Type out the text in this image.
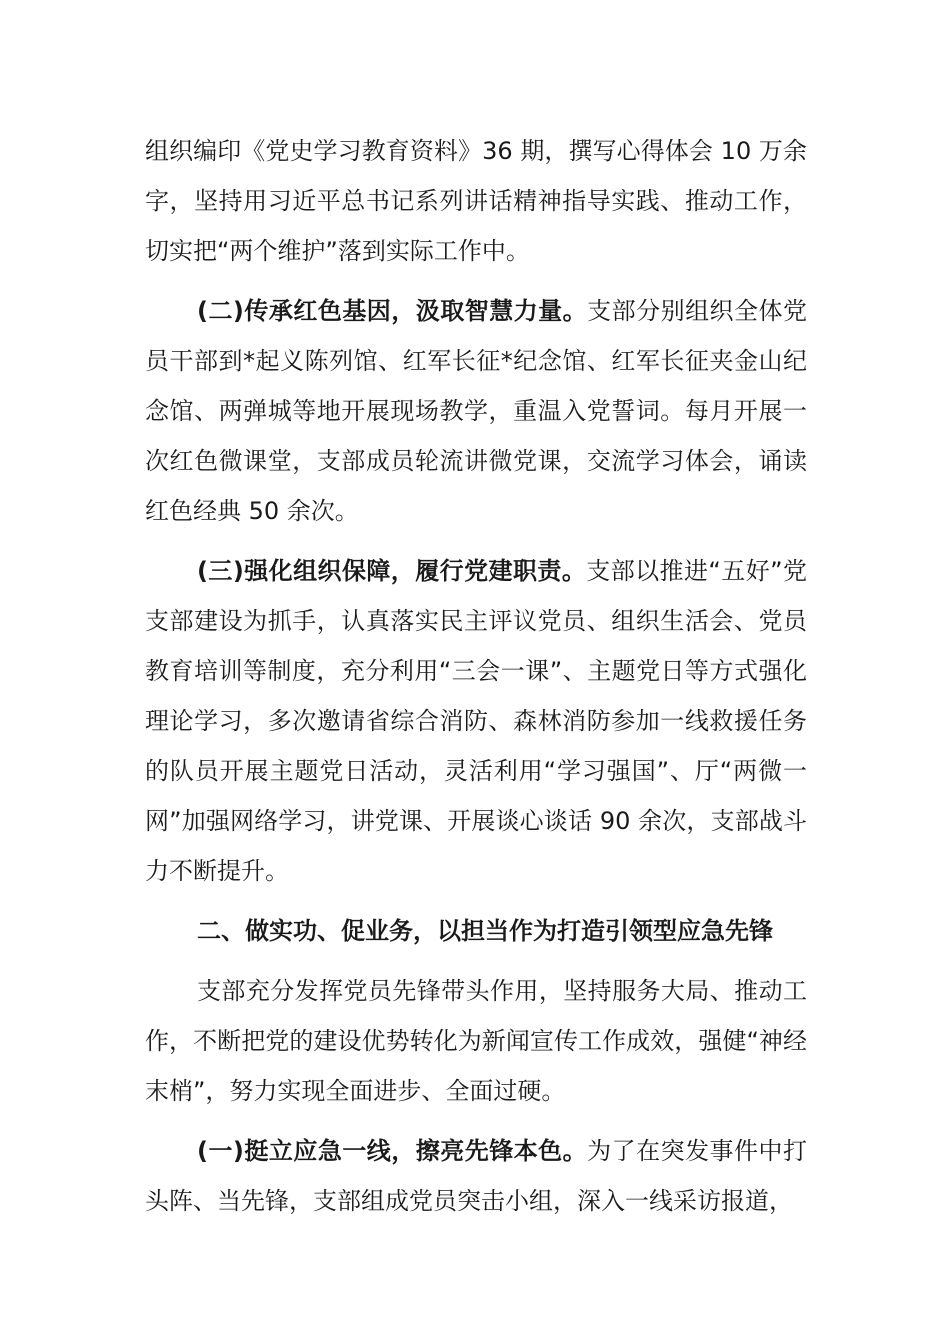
组织编印《党史学习教育资料》36 期，撰写心得体会 10 万余字，坚持用习近平总书记系列讲话精神指导实践、推动工作，切实把“两个维护”落到实际工作中。

(二)传承红色基因，汲取智慧力量。支部分别组织全体党员干部到*起义陈列馆、红军长征*纪念馆、红军长征夹金山纪念馆、两弹城等地开展现场教学，重温入党誓词。每月开展一次红色微课堂，支部成员轮流讲微党课，交流学习体会，诵读红色经典 50 余次。

(三)强化组织保障，履行党建职责。支部以推进“五好”党支部建设为抓手，认真落实民主评议党员、组织生活会、党员教育培训等制度，充分利用“三会一课”、主题党日等方式强化理论学习，多次邀请省综合消防、森林消防参加一线救援任务的队员开展主题党日活动，灵活利用“学习强国”、厅“两微一网”加强网络学习，讲党课、开展谈心谈话 90 余次，支部战斗力不断提升。

二、做实功、促业务，以担当作为打造引领型应急先锋

支部充分发挥党员先锋带头作用，坚持服务大局、推动工作，不断把党的建设优势转化为新闻宣传工作成效，强健“神经末梢”，努力实现全面进步、全面过硬。

(一)挺立应急一线，擦亮先锋本色。为了在突发事件中打头阵、当先锋，支部组成党员突击小组，深入一线采访报道，
